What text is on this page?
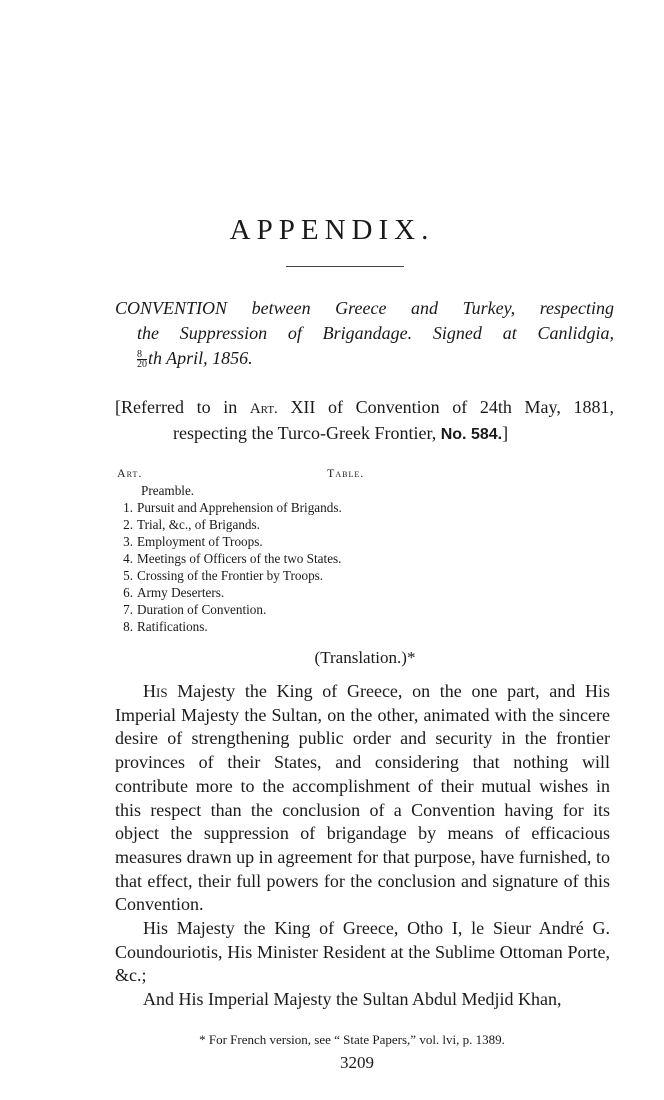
APPENDIX.
CONVENTION between Greece and Turkey, respecting
the Suppression of Brigandage. Signed at Canlidgia,
$\frac{8}{20}$ th April, 1856.
[Referred to in Art. XII of Convention of 24th May, 1881,
respecting the Turco-Greek Frontier, No. 584.]
Art.	Table.
Preamble.
1. Pursuit and Apprehension of Brigands.
2. Trial, &c., of Brigands.
3. Employment of Troops.
4. Meetings of Officers of the two States.
5. Crossing of the Frontier by Troops.
6. Army Deserters.
7. Duration of Convention.
8. Ratifications.
(Translation.)*

His Majesty the King of Greece, on the one part, and His Imperial Majesty the Sultan, on the other, animated with the sincere desire of strengthening public order and security in the frontier provinces of their States, and considering that nothing will contribute more to the accomplishment of their mutual wishes in this respect than the conclusion of a Convention having for its object the suppression of brigandage by means of efficacious measures drawn up in agreement for that purpose, have furnished, to that effect, their full powers for the conclusion and signature of this Convention.

His Majesty the King of Greece, Otho I, le Sieur André G. Coundouriotis, His Minister Resident at the Sublime Ottoman Porte, &c.;

And His Imperial Majesty the Sultan Abdul Medjid Khan,

* For French version, see “ State Papers,” vol. lvi, p. 1389.
3209
